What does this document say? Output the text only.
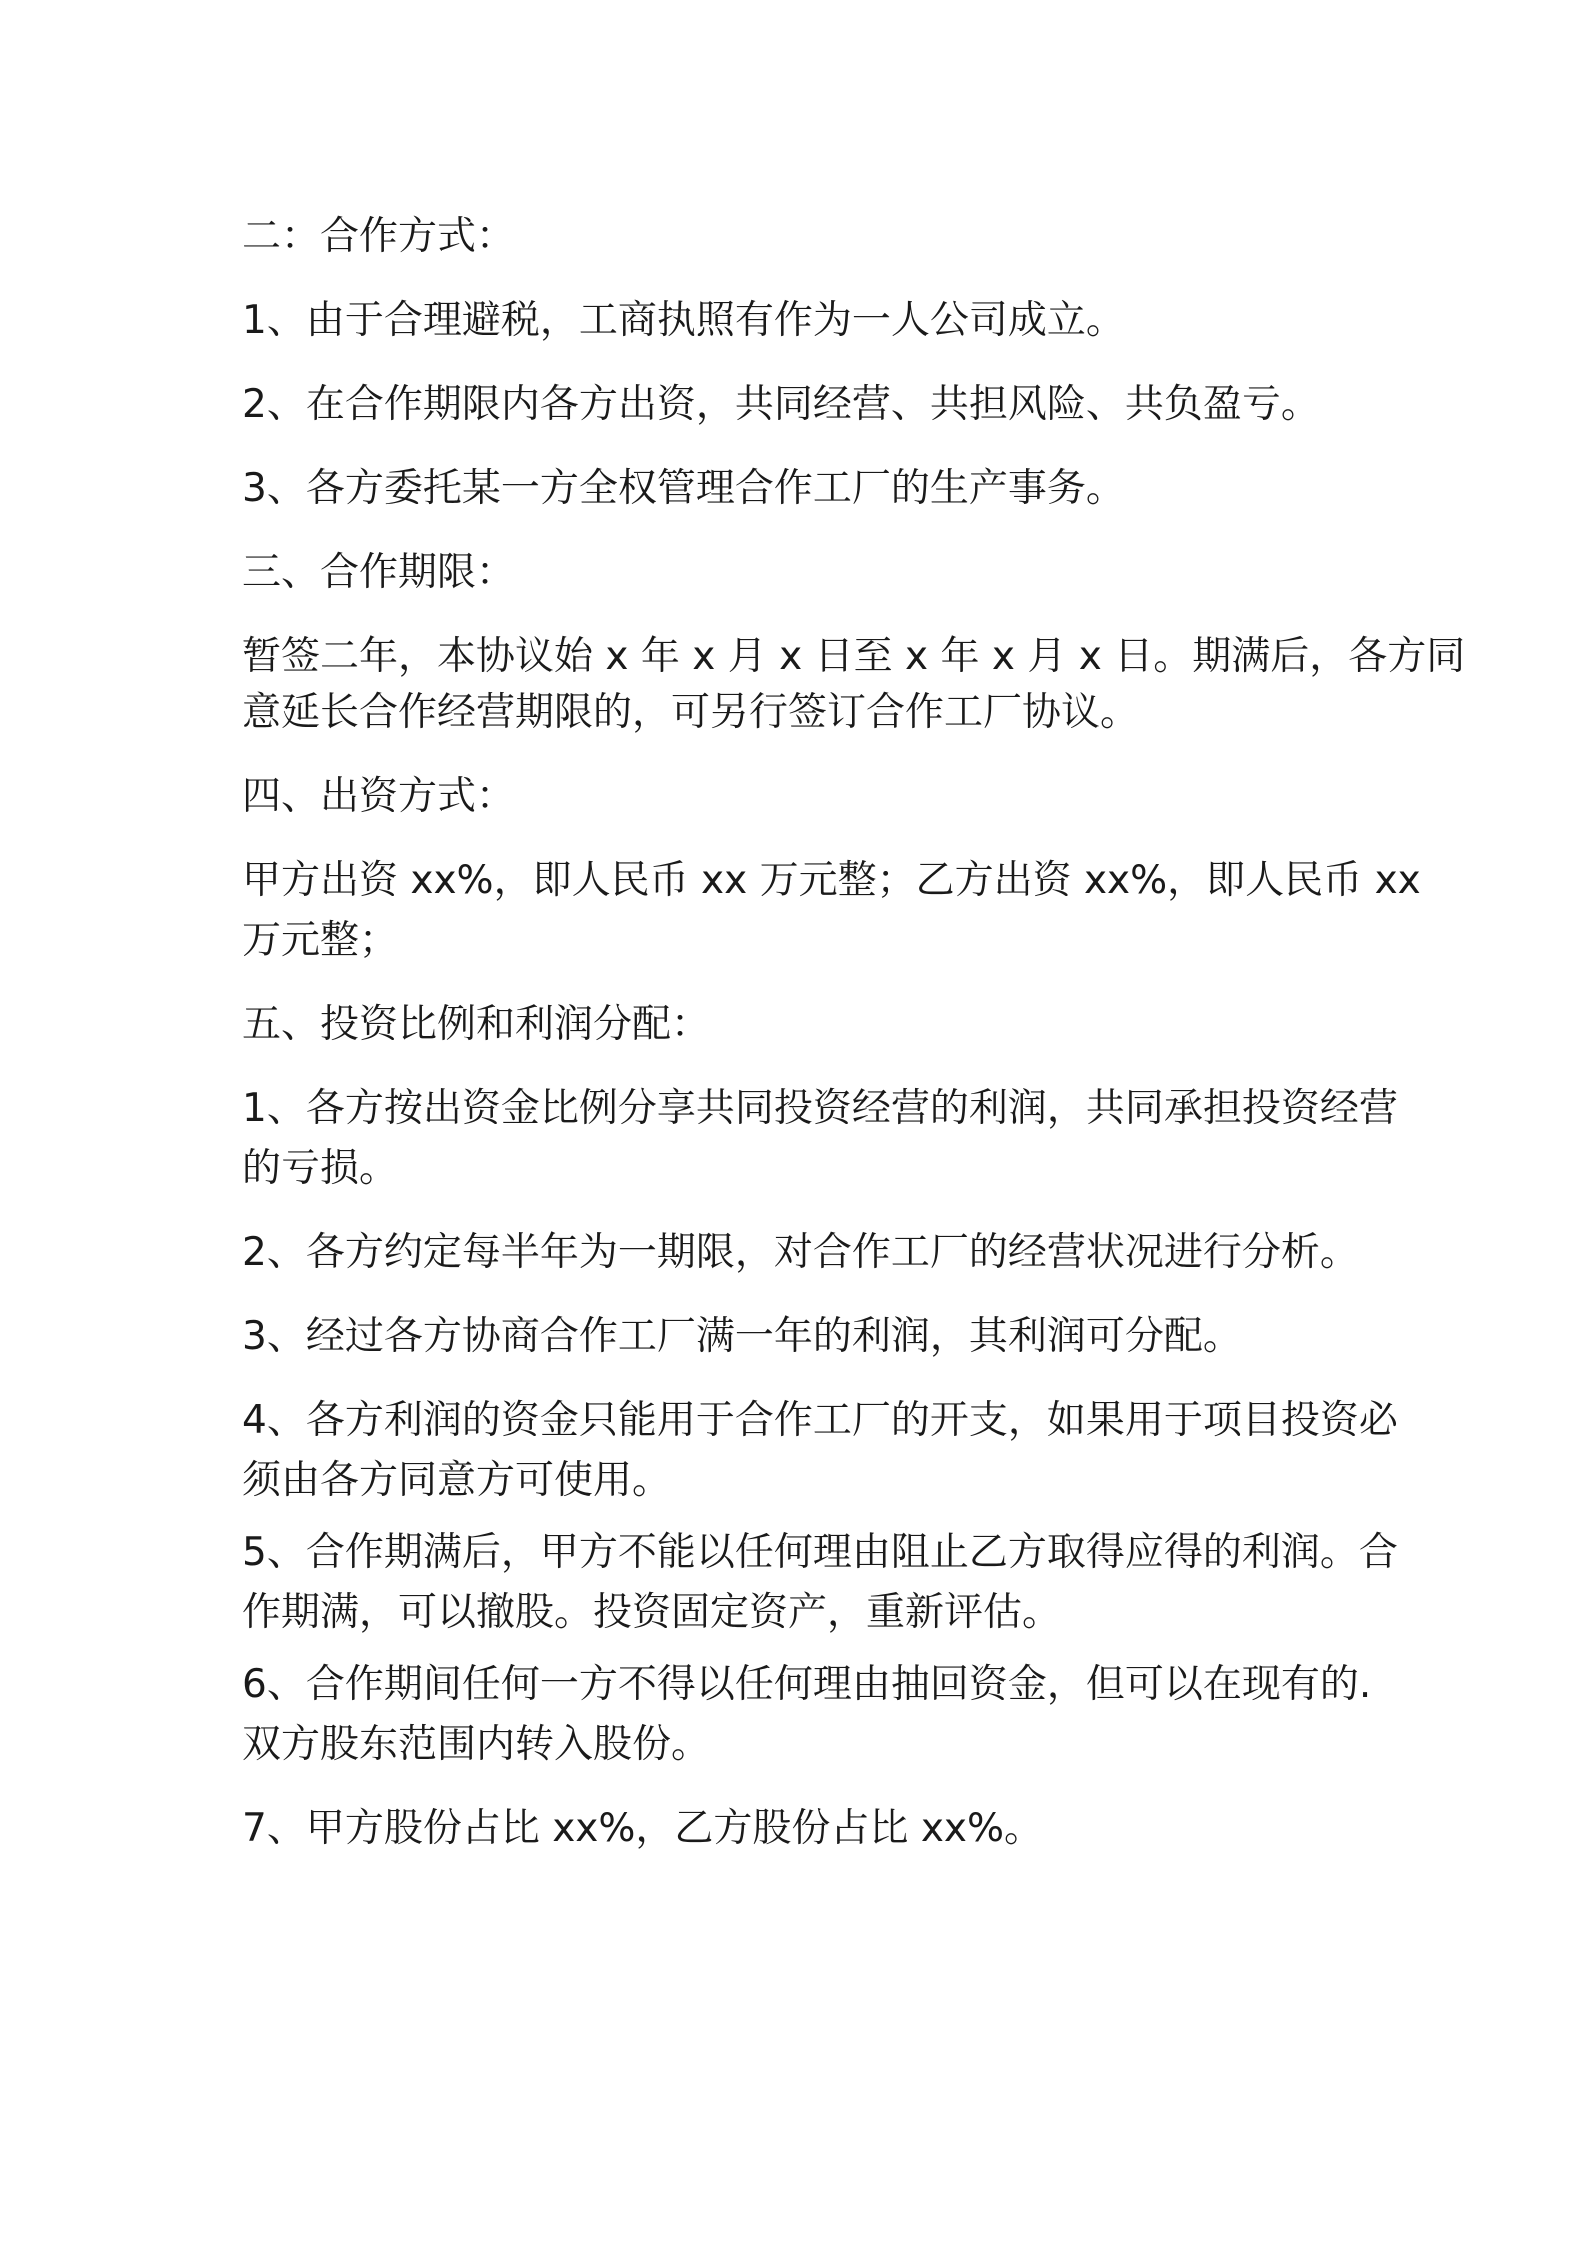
二：合作方式：
1、由于合理避税，工商执照有作为一人公司成立。
2、在合作期限内各方出资，共同经营、共担风险、共负盈亏。
3、各方委托某一方全权管理合作工厂的生产事务。
三、合作期限：
暂签二年，本协议始 x 年 x 月 x 日至 x 年 x 月 x 日。期满后，各方同
意延长合作经营期限的，可另行签订合作工厂协议。
四、出资方式：
甲方出资 xx%，即人民币 xx 万元整；乙方出资 xx%，即人民币 xx
万元整；
五、投资比例和利润分配：
1、各方按出资金比例分享共同投资经营的利润，共同承担投资经营
的亏损。
2、各方约定每半年为一期限，对合作工厂的经营状况进行分析。
3、经过各方协商合作工厂满一年的利润，其利润可分配。
4、各方利润的资金只能用于合作工厂的开支，如果用于项目投资必
须由各方同意方可使用。
5、合作期满后，甲方不能以任何理由阻止乙方取得应得的利润。合
作期满，可以撤股。投资固定资产，重新评估。
6、合作期间任何一方不得以任何理由抽回资金，但可以在现有的.
双方股东范围内转入股份。
7、甲方股份占比 xx%，乙方股份占比 xx%。
